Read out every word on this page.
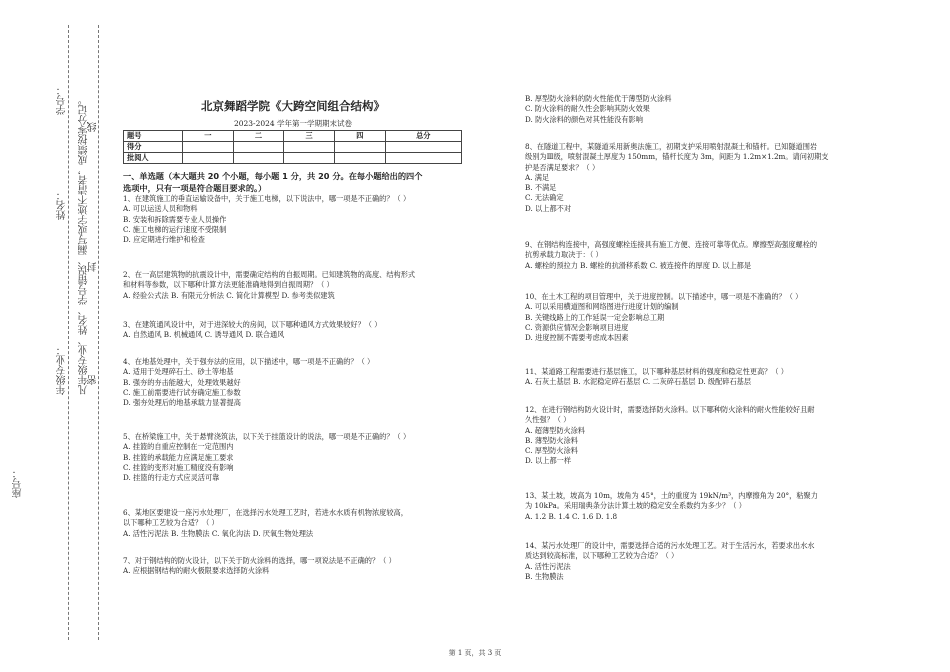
座号：
年级专业：
姓名：
学号： 凡年级专业、姓名、学号错误、漏写或字迹不清者，成绩按零分记。
密
封
线
北京舞蹈学院《大跨空间组合结构》
2023-2024 学年第一学期期末试卷
题号	一	二	三	四	总分
得分					
批阅人					
一、单选题（本大题共 20 个小题，每小题 1 分，共 20 分。在每小题给出的四个
选项中，只有一项是符合题目要求的。）

1、在建筑施工的垂直运输设备中，关于施工电梯，以下说法中，哪一项是不正确的？（ ）

A. 可以运送人员和物料

B. 安装和拆除需要专业人员操作

C. 施工电梯的运行速度不受限制

D. 应定期进行维护和检查

2、在一高层建筑物的抗震设计中，需要确定结构的自振周期。已知建筑物的高度、结构形式

和材料等参数，以下哪种计算方法更能准确地得到自振周期？（ ）

A. 经验公式法 B. 有限元分析法 C. 简化计算模型 D. 参考类似建筑

3、在建筑通风设计中，对于进深较大的房间，以下哪种通风方式效果较好？（ ）

A. 自然通风 B. 机械通风 C. 诱导通风 D. 联合通风

4、在地基处理中，关于强夯法的应用，以下描述中，哪一项是不正确的？（ ）

A. 适用于处理碎石土、砂土等地基

B. 强夯的夯击能越大，处理效果越好

C. 施工前需要进行试夯确定施工参数

D. 强夯处理后的地基承载力显著提高

5、在桥梁施工中，关于悬臂浇筑法，以下关于挂篮设计的说法，哪一项是不正确的？（ ）

A. 挂篮的自重应控制在一定范围内

B. 挂篮的承载能力应满足施工要求

C. 挂篮的变形对施工精度没有影响

D. 挂篮的行走方式应灵活可靠

6、某地区要建设一座污水处理厂，在选择污水处理工艺时，若进水水质有机物浓度较高，

以下哪种工艺较为合适？（ ）

A. 活性污泥法 B. 生物膜法 C. 氧化沟法 D. 厌氧生物处理法

7、对于钢结构的防火设计，以下关于防火涂料的选择，哪一项说法是不正确的？（ ）

A. 应根据钢结构的耐火极限要求选择防火涂料

B. 厚型防火涂料的防火性能优于薄型防火涂料

C. 防火涂料的耐久性会影响其防火效果

D. 防火涂料的颜色对其性能没有影响

8、在隧道工程中，某隧道采用新奥法施工，初期支护采用喷射混凝土和锚杆。已知隧道围岩

级别为Ⅲ级，喷射混凝土厚度为 150mm，锚杆长度为 3m，间距为 1.2m×1.2m。请问初期支

护是否满足要求？（ ）

A. 满足

B. 不满足

C. 无法确定

D. 以上都不对

9、在钢结构连接中，高强度螺栓连接具有施工方便、连接可靠等优点。摩擦型高强度螺栓的

抗剪承载力取决于：（ ）

A. 螺栓的预拉力 B. 螺栓的抗滑移系数 C. 被连接件的厚度 D. 以上都是

10、在土木工程的项目管理中，关于进度控制。以下描述中，哪一项是不准确的？（ ）

A. 可以采用横道图和网络图进行进度计划的编制

B. 关键线路上的工作延误一定会影响总工期

C. 资源供应情况会影响项目进度

D. 进度控制不需要考虑成本因素

11、某道路工程需要进行基层施工，以下哪种基层材料的强度和稳定性更高？（ ）

A. 石灰土基层 B. 水泥稳定碎石基层 C. 二灰碎石基层 D. 级配碎石基层

12、在进行钢结构防火设计时，需要选择防火涂料。以下哪种防火涂料的耐火性能较好且耐

久性强？（ ）

A. 超薄型防火涂料

B. 薄型防火涂料

C. 厚型防火涂料

D. 以上都一样

13、某土坡，坡高为 10m，坡角为 45°，土的重度为 19kN/m³，内摩擦角为 20°，粘聚力

为 10kPa。采用瑞典条分法计算土坡的稳定安全系数约为多少？（ ）

A. 1.2 B. 1.4 C. 1.6 D. 1.8

14、某污水处理厂的设计中，需要选择合适的污水处理工艺。对于生活污水，若要求出水水

质达到较高标准，以下哪种工艺较为合适？（ ）

A. 活性污泥法

B. 生物膜法

第 1 页，共 3 页
